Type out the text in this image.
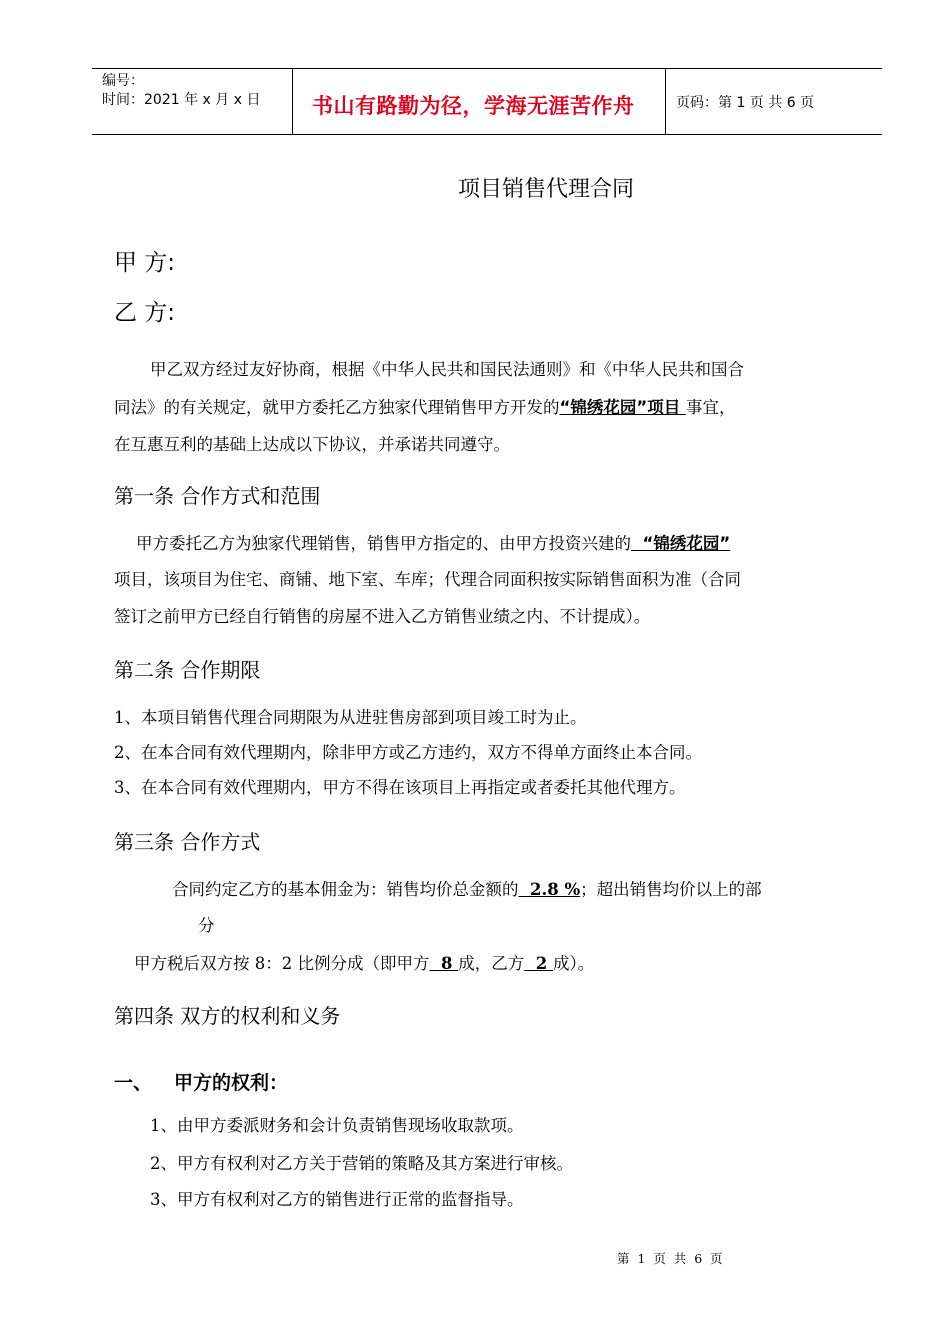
编号：
时间：2021 年 x 月 x 日 书山有路勤为径，学海无涯苦作舟	页码：第 1 页 共 6 页
项目销售代理合同
甲 方:
乙 方:
甲乙双方经过友好协商，根据《中华人民共和国民法通则》和《中华人民共和国合
同法》的有关规定，就甲方委托乙方独家代理销售甲方开发的“锦绣花园”项目 事宜，
在互惠互利的基础上达成以下协议，并承诺共同遵守。
第一条 合作方式和范围
甲方委托乙方为独家代理销售，销售甲方指定的、由甲方投资兴建的  “锦绣花园”
项目，该项目为住宅、商铺、地下室、车库；代理合同面积按实际销售面积为准（合同
签订之前甲方已经自行销售的房屋不进入乙方销售业绩之内、不计提成）。
第二条 合作期限
1、本项目销售代理合同期限为从进驻售房部到项目竣工时为止。
2、在本合同有效代理期内，除非甲方或乙方违约，双方不得单方面终止本合同。
3、在本合同有效代理期内，甲方不得在该项目上再指定或者委托其他代理方。
第三条 合作方式
合同约定乙方的基本佣金为：销售均价总金额的  2.8 %；超出销售均价以上的部
分
甲方税后双方按 8：2 比例分成（即甲方  8 成，乙方  2 成）。
第四条 双方的权利和义务
一、 甲方的权利：
1、由甲方委派财务和会计负责销售现场收取款项。
2、甲方有权利对乙方关于营销的策略及其方案进行审核。
3、甲方有权利对乙方的销售进行正常的监督指导。
第  1  页  共  6  页
